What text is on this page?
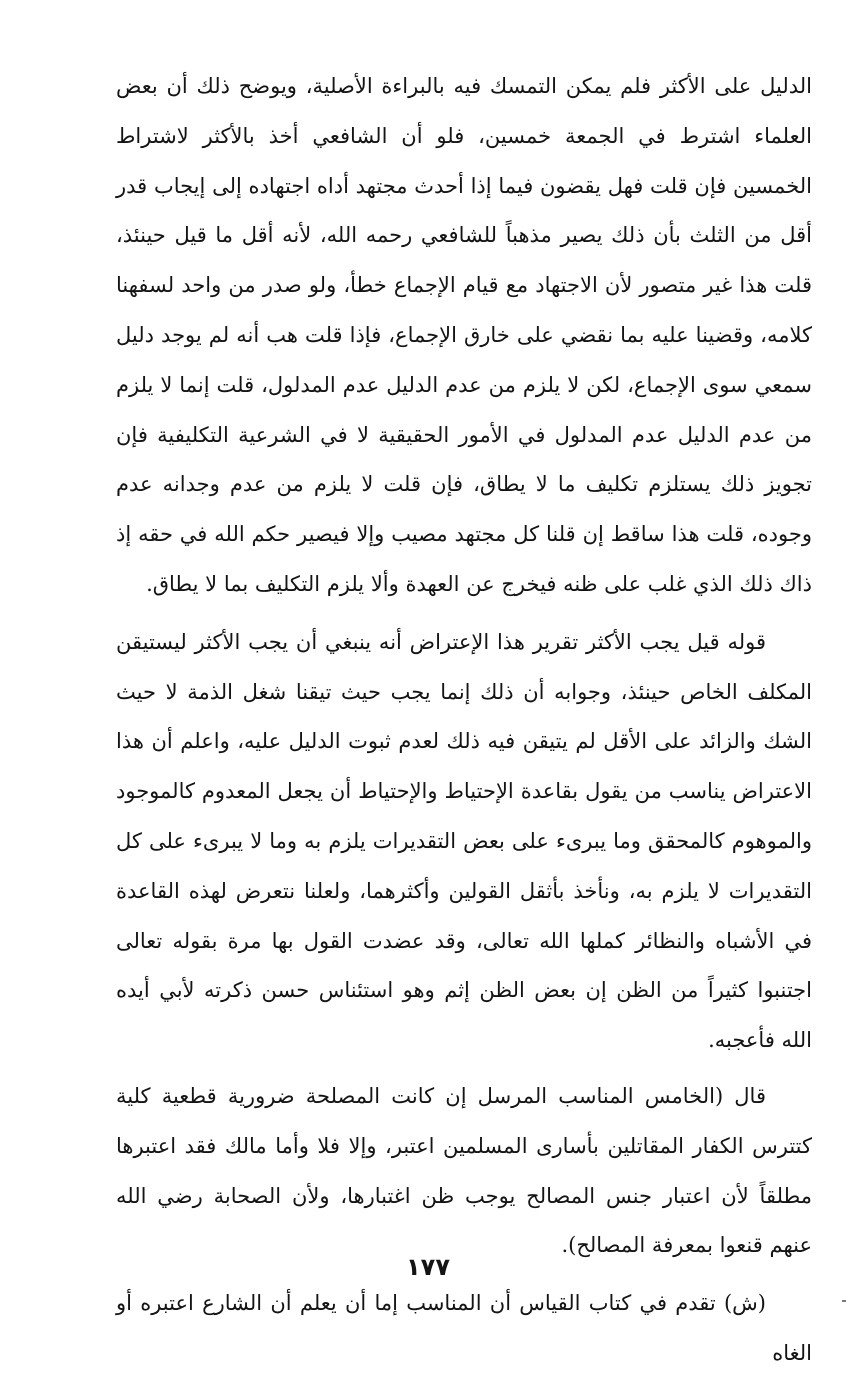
الدليل على الأكثر فلم يمكن التمسك فيه بالبراءة الأصلية، ويوضح ذلك أن بعض العلماء اشترط في الجمعة خمسين، فلو أن الشافعي أخذ بالأكثر لاشتراط الخمسين فإن قلت فهل يقضون فيما إذا أحدث مجتهد أداه اجتهاده إلى إيجاب قدر أقل من الثلث بأن ذلك يصير مذهباً للشافعي رحمه الله، لأنه أقل ما قيل حينئذ، قلت هذا غير متصور لأن الاجتهاد مع قيام الإجماع خطأ، ولو صدر من واحد لسفهنا كلامه، وقضينا عليه بما نقضي على خارق الإجماع، فإذا قلت هب أنه لم يوجد دليل سمعي سوى الإجماع، لكن لا يلزم من عدم الدليل عدم المدلول، قلت إنما لا يلزم من عدم الدليل عدم المدلول في الأمور الحقيقية لا في الشرعية التكليفية فإن تجويز ذلك يستلزم تكليف ما لا يطاق، فإن قلت لا يلزم من عدم وجدانه عدم وجوده، قلت هذا ساقط إن قلنا كل مجتهد مصيب وإلا فيصير حكم الله في حقه إذ ذاك ذلك الذي غلب على ظنه فيخرج عن العهدة وألا يلزم التكليف بما لا يطاق.

قوله قيل يجب الأكثر تقرير هذا الإعتراض أنه ينبغي أن يجب الأكثر ليستيقن المكلف الخاص حينئذ، وجوابه أن ذلك إنما يجب حيث تيقنا شغل الذمة لا حيث الشك والزائد على الأقل لم يتيقن فيه ذلك لعدم ثبوت الدليل عليه، واعلم أن هذا الاعتراض يناسب من يقول بقاعدة الإحتياط والإحتياط أن يجعل المعدوم كالموجود والموهوم كالمحقق وما يبرىء على بعض التقديرات يلزم به وما لا يبرىء على كل التقديرات لا يلزم به، ونأخذ بأثقل القولين وأكثرهما، ولعلنا نتعرض لهذه القاعدة في الأشباه والنظائر كملها الله تعالى، وقد عضدت القول بها مرة بقوله تعالى اجتنبوا كثيراً من الظن إن بعض الظن إثم وهو استئناس حسن ذكرته لأبي أيده الله فأعجبه.

قال (الخامس المناسب المرسل إن كانت المصلحة ضرورية قطعية كلية كتترس الكفار المقاتلين بأسارى المسلمين اعتبر، وإلا فلا وأما مالك فقد اعتبرها مطلقاً لأن اعتبار جنس المصالح يوجب ظن اغتبارها، ولأن الصحابة رضي الله عنهم قنعوا بمعرفة المصالح).

(ش) تقدم في كتاب القياس أن المناسب إما أن يعلم أن الشارع اعتبره أو الغاه

١٧٧
